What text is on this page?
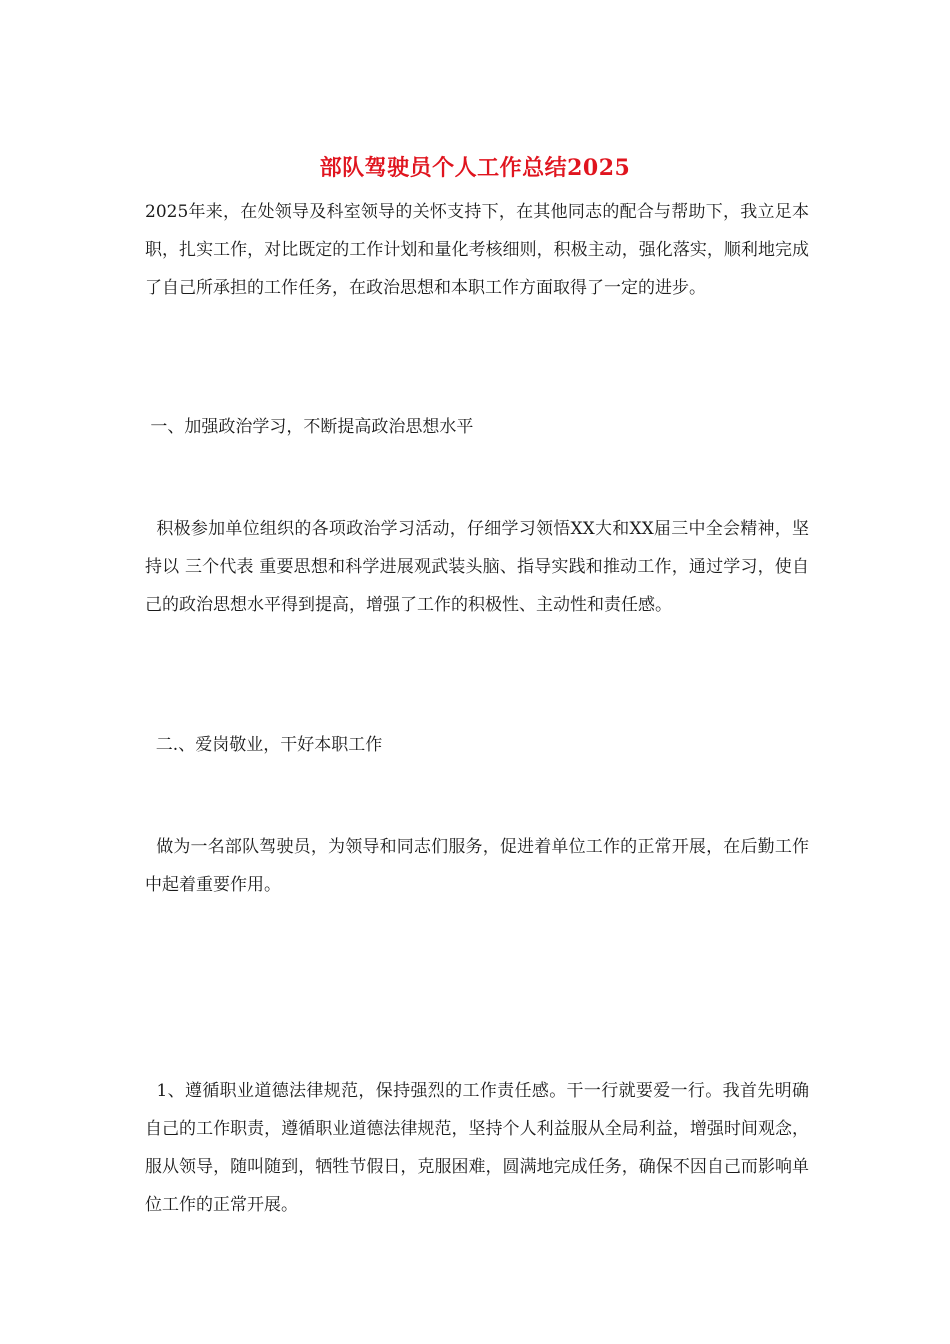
部队驾驶员个人工作总结2025
2025年来，在处领导及科室领导的关怀支持下，在其他同志的配合与帮助下，我立足本职，扎实工作，对比既定的工作计划和量化考核细则，积极主动，强化落实，顺利地完成了自己所承担的工作任务，在政治思想和本职工作方面取得了一定的进步。
一、加强政治学习，不断提高政治思想水平
积极参加单位组织的各项政治学习活动，仔细学习领悟XX大和XX届三中全会精神，坚持以 三个代表 重要思想和科学进展观武装头脑、指导实践和推动工作，通过学习，使自己的政治思想水平得到提高，增强了工作的积极性、主动性和责任感。
二.、爱岗敬业，干好本职工作
做为一名部队驾驶员，为领导和同志们服务，促进着单位工作的正常开展，在后勤工作中起着重要作用。
1、遵循职业道德法律规范，保持强烈的工作责任感。干一行就要爱一行。我首先明确自己的工作职责，遵循职业道德法律规范，坚持个人利益服从全局利益，增强时间观念，服从领导，随叫随到，牺牲节假日，克服困难，圆满地完成任务，确保不因自己而影响单位工作的正常开展。
